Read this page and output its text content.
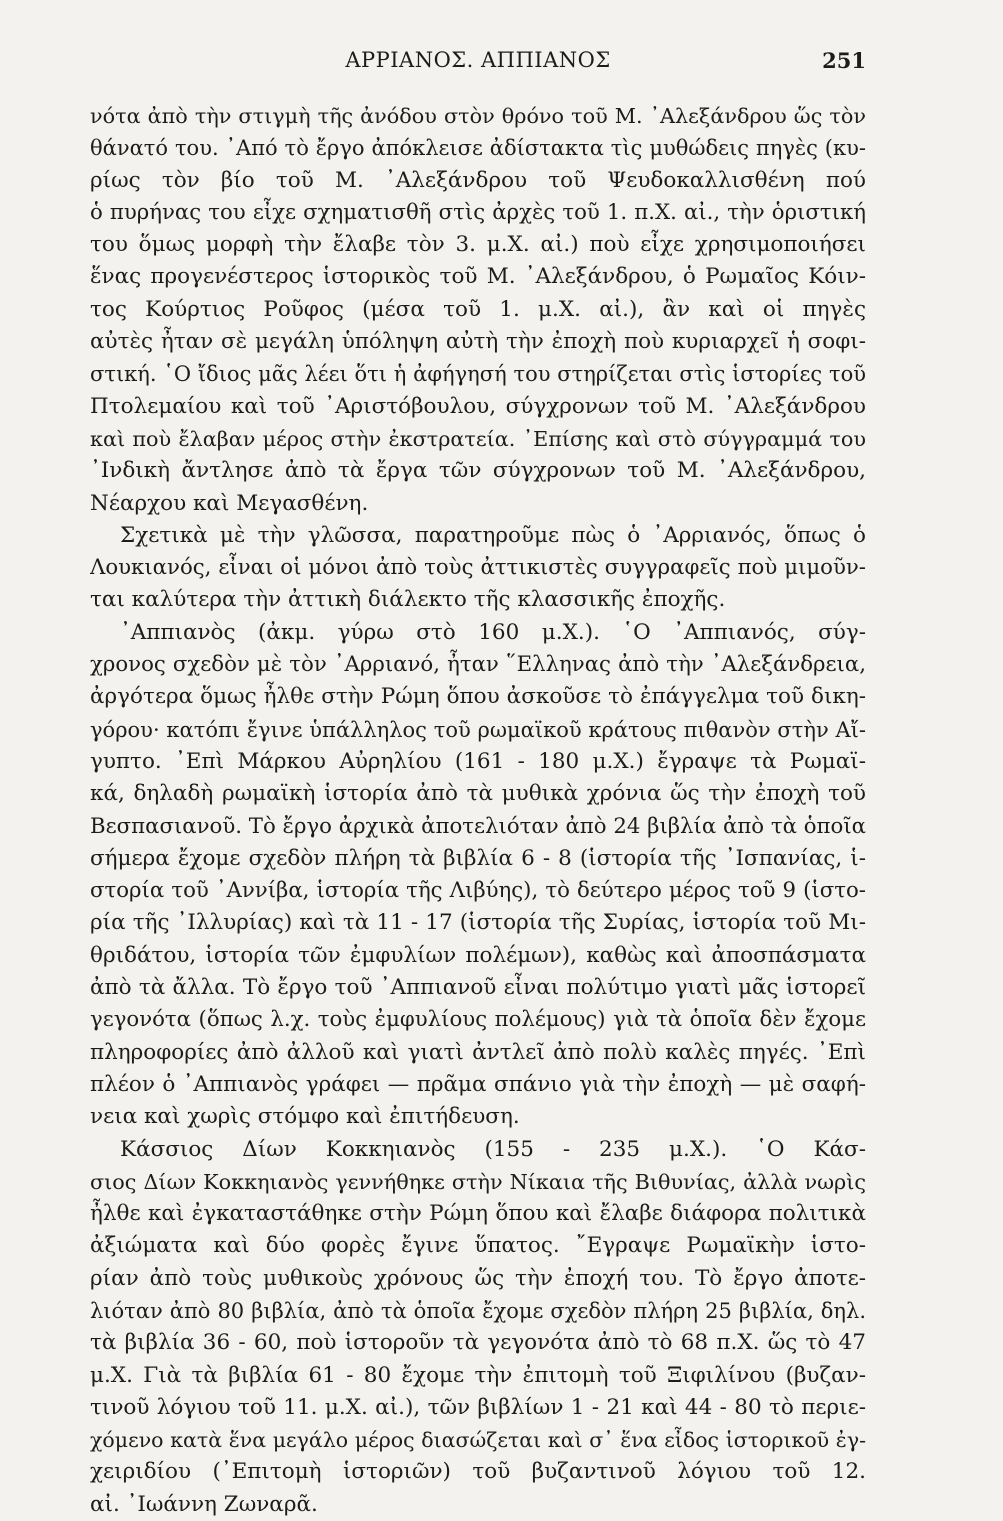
ΑΡΡΙΑΝΟΣ. ΑΠΠΙΑΝΟΣ	251
νότα ἀπὸ τὴν στιγμὴ τῆς ἀνόδου στὸν θρόνο τοῦ Μ. ᾿Αλεξάνδρου ὥς τὸν
θάνατό του. ᾿Από τὸ ἔργο ἀπόκλεισε ἀδίστακτα τὶς μυθώδεις πηγὲς (κυ-
ρίως τὸν βίο τοῦ Μ. ᾿Αλεξάνδρου τοῦ Ψευδοκαλλισθένη πού
ὁ πυρήνας του εἶχε σχηματισθῆ στὶς ἀρχὲς τοῦ 1. π.Χ. αἰ., τὴν ὁριστική
του ὅμως μορφὴ τὴν ἔλαβε τὸν 3. μ.Χ. αἰ.) ποὺ εἶχε χρησιμοποιήσει
ἕνας προγενέστερος ἱστορικὸς τοῦ Μ. ᾿Αλεξάνδρου, ὁ Ρωμαῖος Κόιν-
τος Κούρτιος Ροῦφος (μέσα τοῦ 1. μ.Χ. αἰ.), ἂν καὶ οἱ πηγὲς
αὐτὲς ἦταν σὲ μεγάλη ὑπόληψη αὐτὴ τὴν ἐποχὴ ποὺ κυριαρχεῖ ἡ σοφι-
στική. ῾Ο ἴδιος μᾶς λέει ὅτι ἡ ἀφήγησή του στηρίζεται στὶς ἱστορίες τοῦ
Πτολεμαίου καὶ τοῦ ᾿Αριστόβουλου, σύγχρονων τοῦ Μ. ᾿Αλεξάνδρου
καὶ ποὺ ἔλαβαν μέρος στὴν ἐκστρατεία. ᾿Επίσης καὶ στὸ σύγγραμμά του
᾿Ινδικὴ ἄντλησε ἀπὸ τὰ ἔργα τῶν σύγχρονων τοῦ Μ. ᾿Αλεξάνδρου,
Νέαρχου καὶ Μεγασθένη.
Σχετικὰ μὲ τὴν γλῶσσα, παρατηροῦμε πὼς ὁ ᾿Αρριανός, ὅπως ὁ
Λουκιανός, εἶναι οἱ μόνοι ἀπὸ τοὺς ἀττικιστὲς συγγραφεῖς ποὺ μιμοῦν-
ται καλύτερα τὴν ἀττικὴ διάλεκτο τῆς κλασσικῆς ἐποχῆς.
᾿Αππιανὸς (ἀκμ. γύρω στὸ 160 μ.Χ.). ῾Ο ᾿Αππιανός, σύγ-
χρονος σχεδὸν μὲ τὸν ᾿Αρριανό, ἦταν ῞Ελληνας ἀπὸ τὴν ᾿Αλεξάνδρεια,
ἀργότερα ὅμως ἦλθε στὴν Ρώμη ὅπου ἀσκοῦσε τὸ ἐπάγγελμα τοῦ δικη-
γόρου· κατόπι ἔγινε ὑπάλληλος τοῦ ρωμαϊκοῦ κράτους πιθανὸν στὴν Αἴ-
γυπτο. ᾿Επὶ Μάρκου Αὐρηλίου (161 - 180 μ.Χ.) ἔγραψε τὰ Ρωμαϊ-
κά, δηλαδὴ ρωμαϊκὴ ἱστορία ἀπὸ τὰ μυθικὰ χρόνια ὥς τὴν ἐποχὴ τοῦ
Βεσπασιανοῦ. Τὸ ἔργο ἀρχικὰ ἀποτελιόταν ἀπὸ 24 βιβλία ἀπὸ τὰ ὁποῖα
σήμερα ἔχομε σχεδὸν πλήρη τὰ βιβλία 6 - 8 (ἱστορία τῆς ᾿Ισπανίας, ἱ-
στορία τοῦ ᾿Αννίβα, ἱστορία τῆς Λιβύης), τὸ δεύτερο μέρος τοῦ 9 (ἱστο-
ρία τῆς ᾿Ιλλυρίας) καὶ τὰ 11 - 17 (ἱστορία τῆς Συρίας, ἱστορία τοῦ Μι-
θριδάτου, ἱστορία τῶν ἐμφυλίων πολέμων), καθὼς καὶ ἀποσπάσματα
ἀπὸ τὰ ἄλλα. Τὸ ἔργο τοῦ ᾿Αππιανοῦ εἶναι πολύτιμο γιατὶ μᾶς ἱστορεῖ
γεγονότα (ὅπως λ.χ. τοὺς ἐμφυλίους πολέμους) γιὰ τὰ ὁποῖα δὲν ἔχομε
πληροφορίες ἀπὸ ἀλλοῦ καὶ γιατὶ ἀντλεῖ ἀπὸ πολὺ καλὲς πηγές. ᾿Επὶ
πλέον ὁ ᾿Αππιανὸς γράφει — πρᾶμα σπάνιο γιὰ τὴν ἐποχὴ — μὲ σαφή-
νεια καὶ χωρὶς στόμφο καὶ ἐπιτήδευση.
Κάσσιος Δίων Κοκκηιανὸς (155 - 235 μ.Χ.). ῾Ο Κάσ-
σιος Δίων Κοκκηιανὸς γεννήθηκε στὴν Νίκαια τῆς Βιθυνίας, ἀλλὰ νωρὶς
ἦλθε καὶ ἐγκαταστάθηκε στὴν Ρώμη ὅπου καὶ ἔλαβε διάφορα πολιτικὰ
ἀξιώματα καὶ δύο φορὲς ἔγινε ὕπατος. ῎Εγραψε Ρωμαϊκὴν ἱστο-
ρίαν ἀπὸ τοὺς μυθικοὺς χρόνους ὥς τὴν ἐποχή του. Τὸ ἔργο ἀποτε-
λιόταν ἀπὸ 80 βιβλία, ἀπὸ τὰ ὁποῖα ἔχομε σχεδὸν πλήρη 25 βιβλία, δηλ.
τὰ βιβλία 36 - 60, ποὺ ἱστοροῦν τὰ γεγονότα ἀπὸ τὸ 68 π.Χ. ὥς τὸ 47
μ.Χ. Γιὰ τὰ βιβλία 61 - 80 ἔχομε τὴν ἐπιτομὴ τοῦ Ξιφιλίνου (βυζαν-
τινοῦ λόγιου τοῦ 11. μ.Χ. αἰ.), τῶν βιβλίων 1 - 21 καὶ 44 - 80 τὸ περιε-
χόμενο κατὰ ἕνα μεγάλο μέρος διασώζεται καὶ σ᾿ ἕνα εἶδος ἱστορικοῦ ἐγ-
χειριδίου (᾿Επιτομὴ ἱστοριῶν) τοῦ βυζαντινοῦ λόγιου τοῦ 12.
αἰ. ᾿Ιωάννη Ζωναρᾶ.
